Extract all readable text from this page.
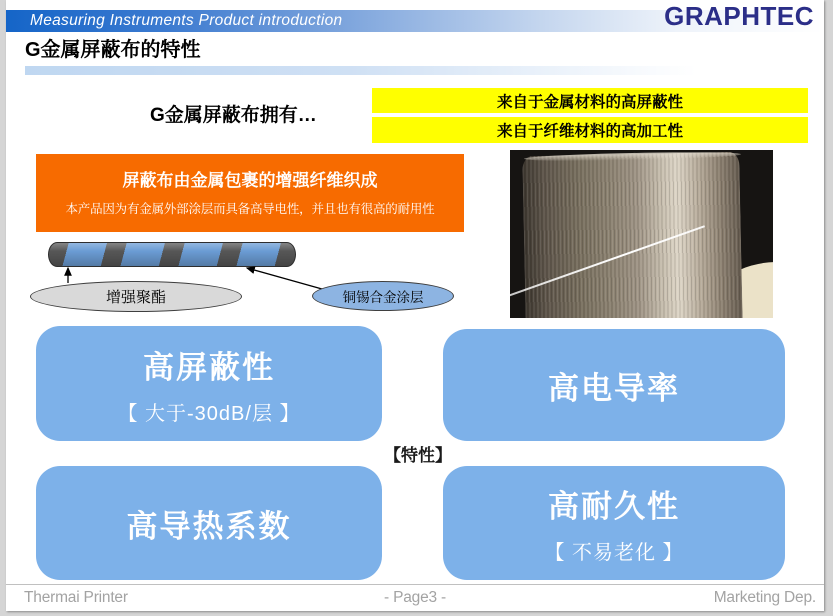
Measuring Instruments Product introduction	GRAPHTEC
G金属屏蔽布的特性
G金属屏蔽布拥有…
来自于金属材料的高屏蔽性
来自于纤维材料的高加工性
屏蔽布由金属包裹的增强纤维织成
本产品因为有金属外部涂层而具备高导电性，并且也有很高的耐用性
增强聚酯	铜锡合金涂层
高屏蔽性
【 大于-30dB/层 】
高电导率
高导热系数
高耐久性
【 不易老化 】
【特性】
Thermai Printer	- Page3 -	Marketing Dep.
